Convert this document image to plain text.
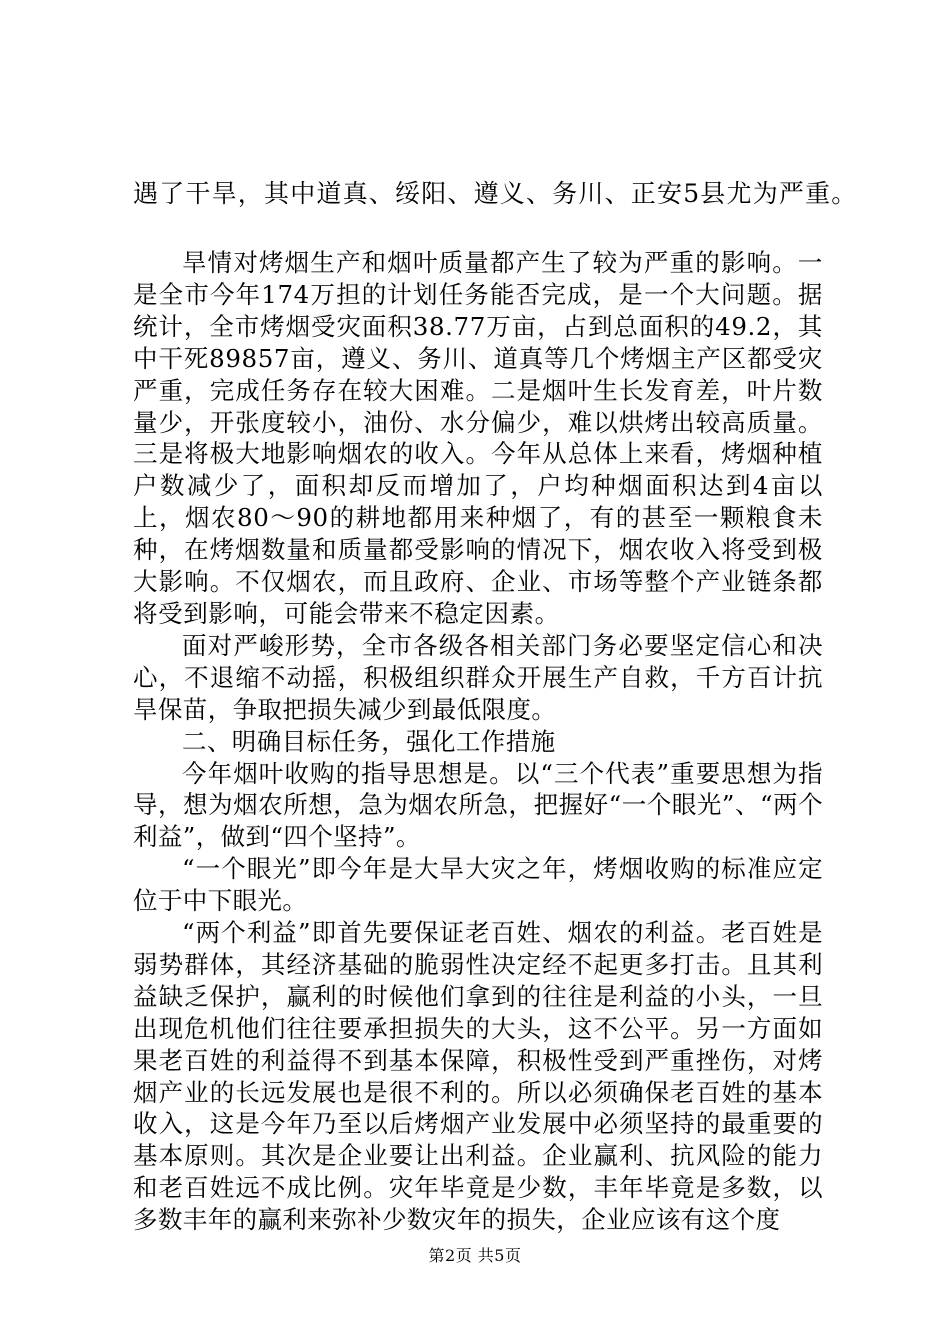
遇了干旱，其中道真、绥阳、遵义、务川、正安5县尤为严重。

旱情对烤烟生产和烟叶质量都产生了较为严重的影响。一是全市今年174万担的计划任务能否完成，是一个大问题。据统计，全市烤烟受灾面积38.77万亩，占到总面积的49.2，其中干死89857亩，遵义、务川、道真等几个烤烟主产区都受灾严重，完成任务存在较大困难。二是烟叶生长发育差，叶片数量少，开张度较小，油份、水分偏少，难以烘烤出较高质量。三是将极大地影响烟农的收入。今年从总体上来看，烤烟种植户数减少了，面积却反而增加了，户均种烟面积达到4亩以上，烟农80～90的耕地都用来种烟了，有的甚至一颗粮食未种，在烤烟数量和质量都受影响的情况下，烟农收入将受到极大影响。不仅烟农，而且政府、企业、市场等整个产业链条都将受到影响，可能会带来不稳定因素。

面对严峻形势，全市各级各相关部门务必要坚定信心和决心，不退缩不动摇，积极组织群众开展生产自救，千方百计抗旱保苗，争取把损失减少到最低限度。

二、明确目标任务，强化工作措施

今年烟叶收购的指导思想是。以“三个代表”重要思想为指导，想为烟农所想，急为烟农所急，把握好“一个眼光”、“两个利益”，做到“四个坚持”。

“一个眼光”即今年是大旱大灾之年，烤烟收购的标准应定位于中下眼光。

“两个利益”即首先要保证老百姓、烟农的利益。老百姓是弱势群体，其经济基础的脆弱性决定经不起更多打击。且其利益缺乏保护，赢利的时候他们拿到的往往是利益的小头，一旦出现危机他们往往要承担损失的大头，这不公平。另一方面如果老百姓的利益得不到基本保障，积极性受到严重挫伤，对烤烟产业的长远发展也是很不利的。所以必须确保老百姓的基本收入，这是今年乃至以后烤烟产业发展中必须坚持的最重要的基本原则。其次是企业要让出利益。企业赢利、抗风险的能力和老百姓远不成比例。灾年毕竟是少数，丰年毕竟是多数，以多数丰年的赢利来弥补少数灾年的损失，企业应该有这个度

第2页 共5页
